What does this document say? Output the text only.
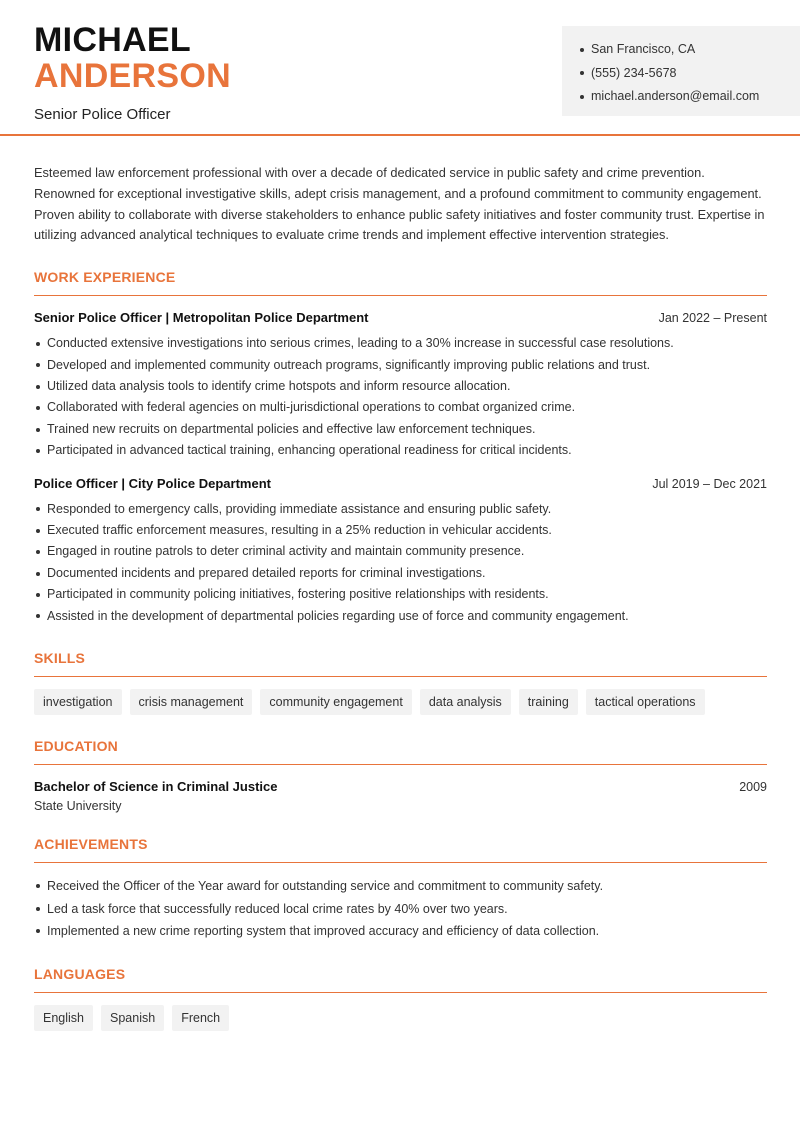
MICHAEL
ANDERSON
Senior Police Officer
San Francisco, CA
(555) 234-5678
michael.anderson@email.com

Esteemed law enforcement professional with over a decade of dedicated service in public safety and crime prevention. Renowned for exceptional investigative skills, adept crisis management, and a profound commitment to community engagement. Proven ability to collaborate with diverse stakeholders to enhance public safety initiatives and foster community trust. Expertise in utilizing advanced analytical techniques to evaluate crime trends and implement effective intervention strategies.

WORK EXPERIENCE
Senior Police Officer | Metropolitan Police Department	Jan 2022 – Present
Conducted extensive investigations into serious crimes, leading to a 30% increase in successful case resolutions.
Developed and implemented community outreach programs, significantly improving public relations and trust.
Utilized data analysis tools to identify crime hotspots and inform resource allocation.
Collaborated with federal agencies on multi-jurisdictional operations to combat organized crime.
Trained new recruits on departmental policies and effective law enforcement techniques.
Participated in advanced tactical training, enhancing operational readiness for critical incidents.
Police Officer | City Police Department	Jul 2019 – Dec 2021
Responded to emergency calls, providing immediate assistance and ensuring public safety.
Executed traffic enforcement measures, resulting in a 25% reduction in vehicular accidents.
Engaged in routine patrols to deter criminal activity and maintain community presence.
Documented incidents and prepared detailed reports for criminal investigations.
Participated in community policing initiatives, fostering positive relationships with residents.
Assisted in the development of departmental policies regarding use of force and community engagement.
SKILLS
investigation	crisis management	community engagement	data analysis	training	tactical operations
EDUCATION
Bachelor of Science in Criminal Justice	2009
State University
ACHIEVEMENTS
Received the Officer of the Year award for outstanding service and commitment to community safety.
Led a task force that successfully reduced local crime rates by 40% over two years.
Implemented a new crime reporting system that improved accuracy and efficiency of data collection.
LANGUAGES
English	Spanish	French
